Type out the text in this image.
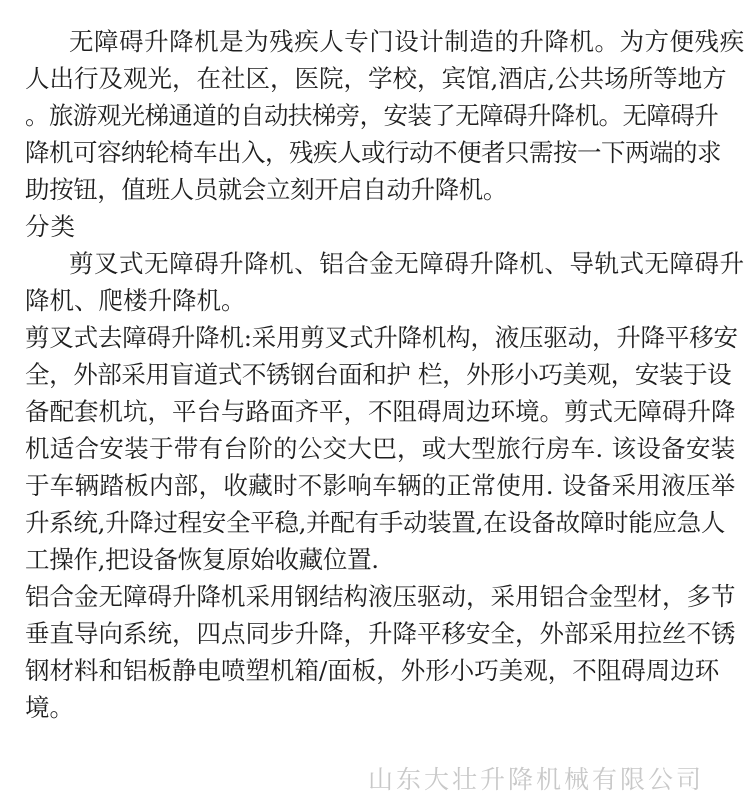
无障碍升降机是为残疾人专门设计制造的升降机。为方便残疾
人出行及观光，在社区，医院，学校，宾馆,酒店,公共场所等地方
。旅游观光梯通道的自动扶梯旁，安装了无障碍升降机。无障碍升
降机可容纳轮椅车出入，残疾人或行动不便者只需按一下两端的求
助按钮，值班人员就会立刻开启自动升降机。
分类
剪叉式无障碍升降机、铝合金无障碍升降机、导轨式无障碍升
降机、爬楼升降机。
剪叉式去障碍升降机:采用剪叉式升降机构，液压驱动，升降平移安
全，外部采用盲道式不锈钢台面和护 栏，外形小巧美观，安装于设
备配套机坑，平台与路面齐平，不阻碍周边环境。剪式无障碍升降
机适合安装于带有台阶的公交大巴，或大型旅行房车. 该设备安装
于车辆踏板内部，收藏时不影响车辆的正常使用. 设备采用液压举
升系统,升降过程安全平稳,并配有手动装置,在设备故障时能应急人
工操作,把设备恢复原始收藏位置.
铝合金无障碍升降机采用钢结构液压驱动，采用铝合金型材，多节
垂直导向系统，四点同步升降，升降平移安全，外部采用拉丝不锈
钢材料和铝板静电喷塑机箱/面板，外形小巧美观，不阻碍周边环
境。
山东大壮升降机械有限公司
